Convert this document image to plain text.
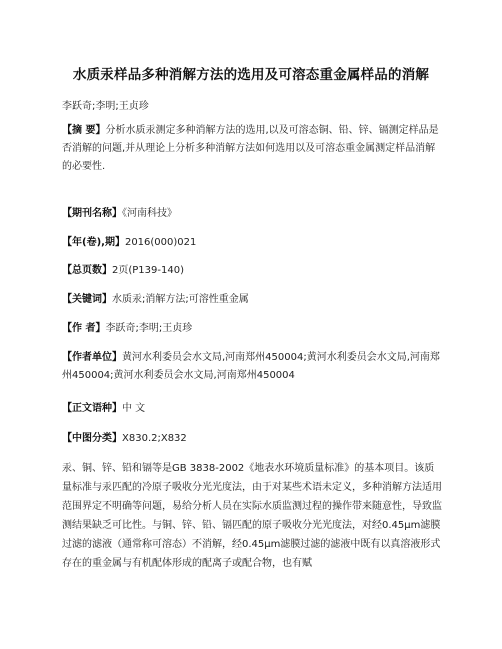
水质汞样品多种消解方法的选用及可溶态重金属样品的消解
李跃奇;李明;王贞珍
【摘 要】分析水质汞测定多种消解方法的选用,以及可溶态铜、铅、锌、镉测定样品是否消解的问题,并从理论上分析多种消解方法如何选用以及可溶态重金属测定样品消解的必要性.
【期刊名称】《河南科技》
【年(卷),期】2016(000)021
【总页数】2页(P139-140)
【关键词】水质汞;消解方法;可溶性重金属
【作 者】李跃奇;李明;王贞珍
【作者单位】黄河水利委员会水文局,河南郑州450004;黄河水利委员会水文局,河南郑州450004;黄河水利委员会水文局,河南郑州450004
【正文语种】中 文
【中图分类】X830.2;X832

汞、铜、锌、铅和镉等是GB 3838-2002《地表水环境质量标准》的基本项目。该质量标准与汞匹配的冷原子吸收分光光度法，由于对某些术语未定义，多种消解方法适用范围界定不明确等问题，易给分析人员在实际水质监测过程的操作带来随意性，导致监测结果缺乏可比性。与铜、锌、铅、镉匹配的原子吸收分光光度法，对经0.45μm滤膜过滤的滤液（通常称可溶态）不消解，经0.45μm滤膜过滤的滤液中既有以真溶液形式存在的重金属与有机配体形成的配离子或配合物，也有赋
